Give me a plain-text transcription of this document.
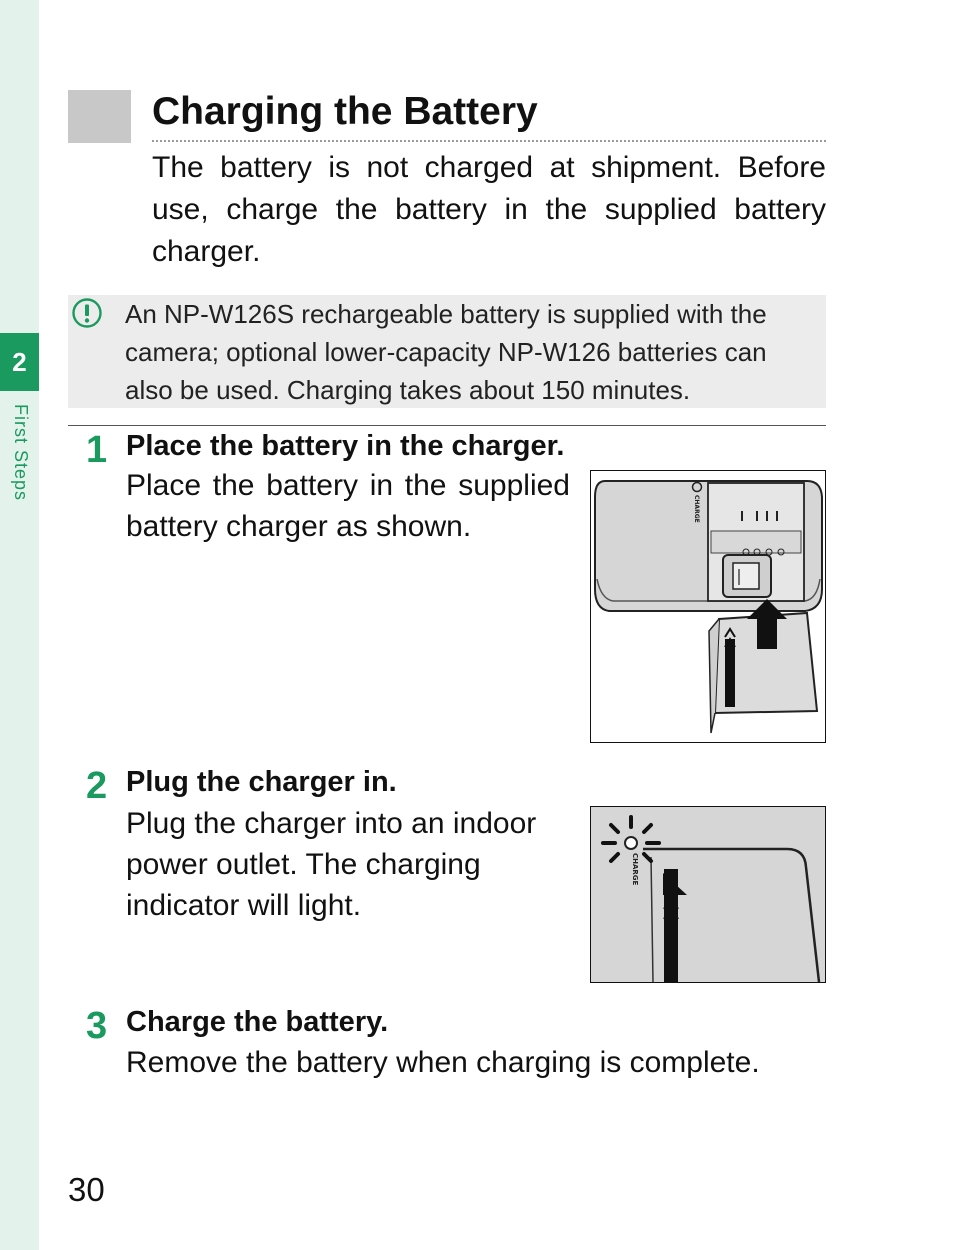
2
First Steps
Charging the Battery

The battery is not charged at shipment. Before use, charge the battery in the supplied battery charger.

An NP-W126S rechargeable battery is supplied with the camera; optional lower-capacity NP-W126 batteries can also be used. Charging takes about 150 minutes.

1 Place the battery in the charger.

Place the battery in the supplied battery charger as shown.

CHARGE
2 Plug the charger in.

Plug the charger into an indoor power outlet. The charging indicator will light.

CHARGE
3 Charge the battery.

Remove the battery when charging is complete.

30
